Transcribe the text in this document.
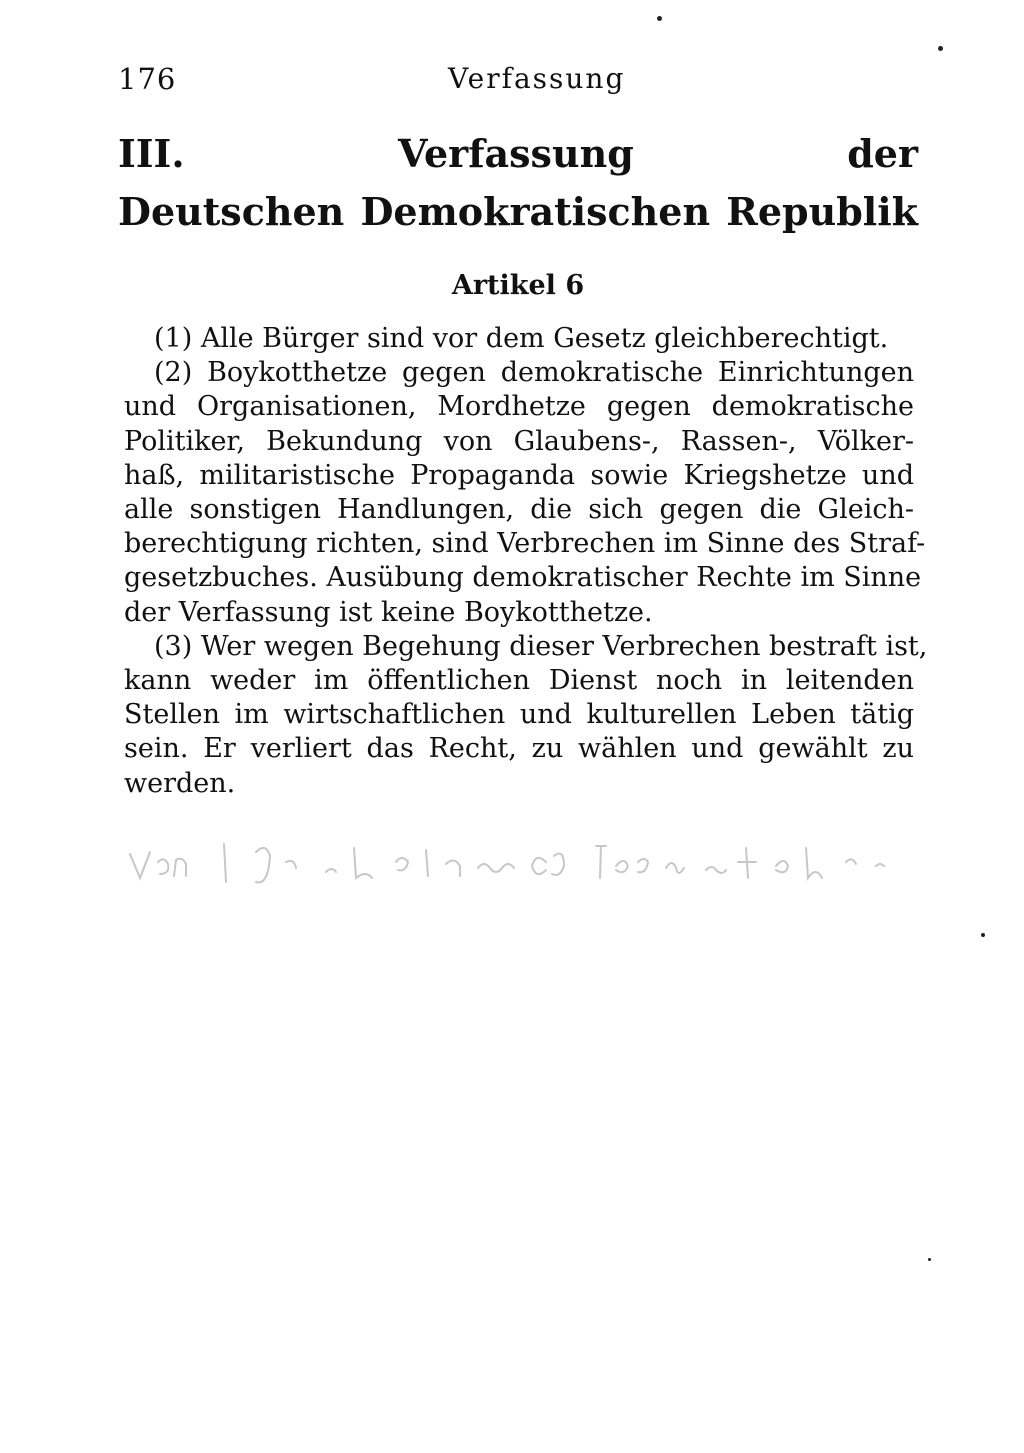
176	Verfassung
III. Verfassung der
Deutschen Demokratischen Republik
Artikel 6
(1) Alle Bürger sind vor dem Gesetz gleichberechtigt.
(2) Boykotthetze gegen demokratische Einrichtungen
und Organisationen, Mordhetze gegen demokratische
Politiker, Bekundung von Glaubens-, Rassen-, Völker-
haß, militaristische Propaganda sowie Kriegshetze und
alle sonstigen Handlungen, die sich gegen die Gleich-
berechtigung richten, sind Verbrechen im Sinne des Straf-
gesetzbuches. Ausübung demokratischer Rechte im Sinne
der Verfassung ist keine Boykotthetze.
(3) Wer wegen Begehung dieser Verbrechen bestraft ist,
kann weder im öffentlichen Dienst noch in leitenden
Stellen im wirtschaftlichen und kulturellen Leben tätig
sein. Er verliert das Recht, zu wählen und gewählt zu
werden.
